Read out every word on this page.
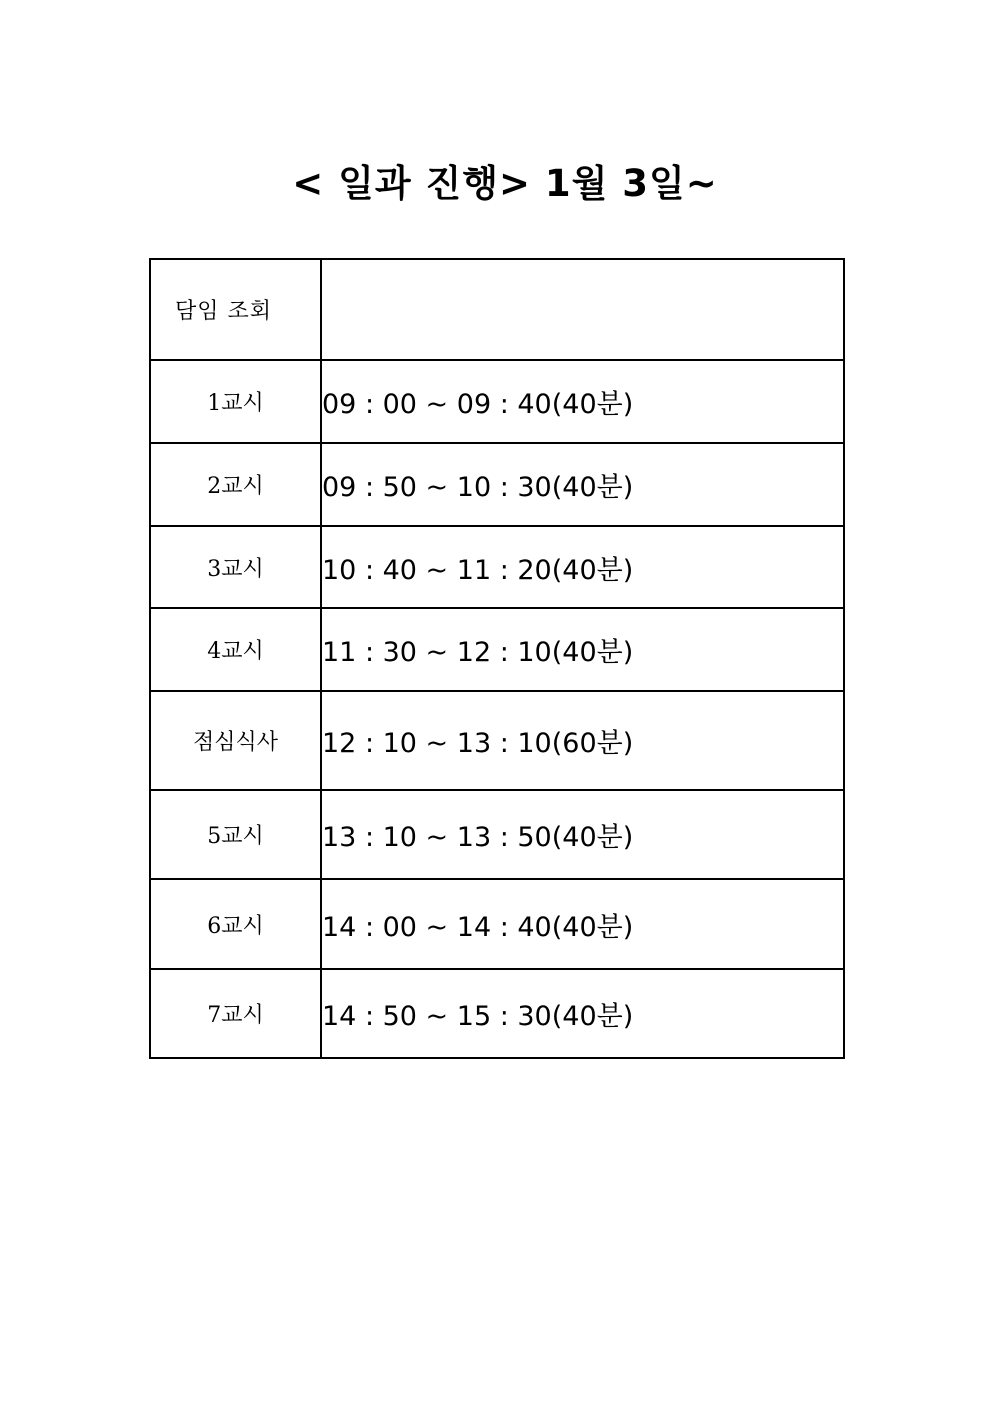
< 일과 진행> 1월 3일~
담임 조회	
1교시	09 : 00 ~ 09 : 40(40분)
2교시	09 : 50 ~ 10 : 30(40분)
3교시	10 : 40 ~ 11 : 20(40분)
4교시	11 : 30 ~ 12 : 10(40분)
점심식사	12 : 10 ~ 13 : 10(60분)
5교시	13 : 10 ~ 13 : 50(40분)
6교시	14 : 00 ~ 14 : 40(40분)
7교시	14 : 50 ~ 15 : 30(40분)
